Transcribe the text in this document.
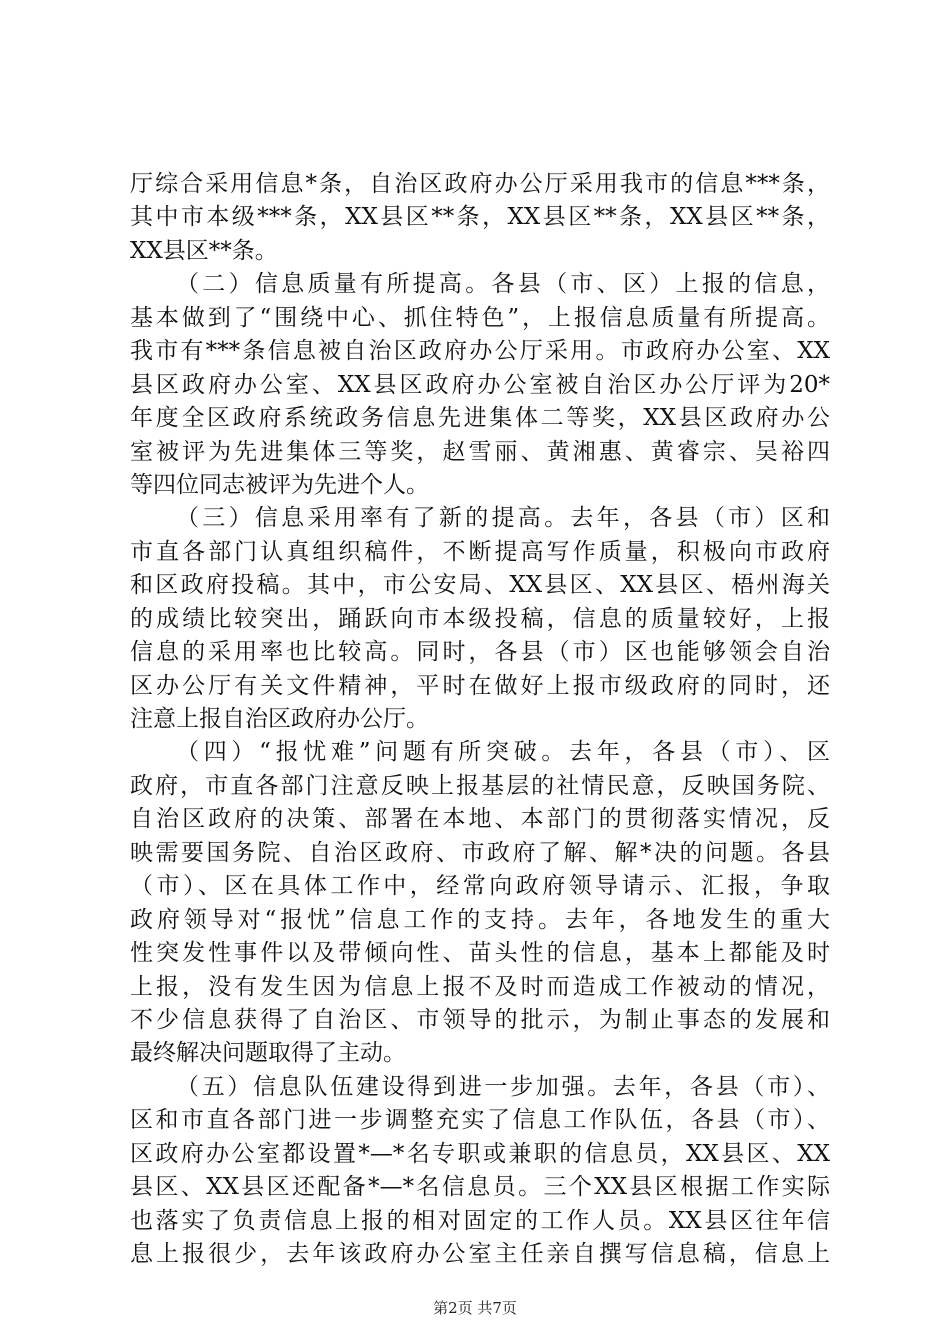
厅综合采用信息*条，自治区政府办公厅采用我市的信息***条，
其中市本级***条，XX县区**条，XX县区**条，XX县区**条，
XX县区**条。
（二）信息质量有所提高。各县（市、区）上报的信息，
基本做到了“围绕中心、抓住特色”，上报信息质量有所提高。
我市有***条信息被自治区政府办公厅采用。市政府办公室、XX
县区政府办公室、XX县区政府办公室被自治区办公厅评为20*
年度全区政府系统政务信息先进集体二等奖，XX县区政府办公
室被评为先进集体三等奖，赵雪丽、黄湘惠、黄睿宗、吴裕四
等四位同志被评为先进个人。
（三）信息采用率有了新的提高。去年，各县（市）区和
市直各部门认真组织稿件，不断提高写作质量，积极向市政府
和区政府投稿。其中，市公安局、XX县区、XX县区、梧州海关
的成绩比较突出，踊跃向市本级投稿，信息的质量较好，上报
信息的采用率也比较高。同时，各县（市）区也能够领会自治
区办公厅有关文件精神，平时在做好上报市级政府的同时，还
注意上报自治区政府办公厅。
（四）“报忧难”问题有所突破。去年，各县（市）、区
政府，市直各部门注意反映上报基层的社情民意，反映国务院、
自治区政府的决策、部署在本地、本部门的贯彻落实情况，反
映需要国务院、自治区政府、市政府了解、解*决的问题。各县
（市）、区在具体工作中，经常向政府领导请示、汇报，争取
政府领导对“报忧”信息工作的支持。去年，各地发生的重大
性突发性事件以及带倾向性、苗头性的信息，基本上都能及时
上报，没有发生因为信息上报不及时而造成工作被动的情况，
不少信息获得了自治区、市领导的批示，为制止事态的发展和
最终解决问题取得了主动。
（五）信息队伍建设得到进一步加强。去年，各县（市）、
区和市直各部门进一步调整充实了信息工作队伍，各县（市）、
区政府办公室都设置*—*名专职或兼职的信息员，XX县区、XX
县区、XX县区还配备*—*名信息员。三个XX县区根据工作实际
也落实了负责信息上报的相对固定的工作人员。XX县区往年信
息上报很少，去年该政府办公室主任亲自撰写信息稿，信息上
第2页 共7页
